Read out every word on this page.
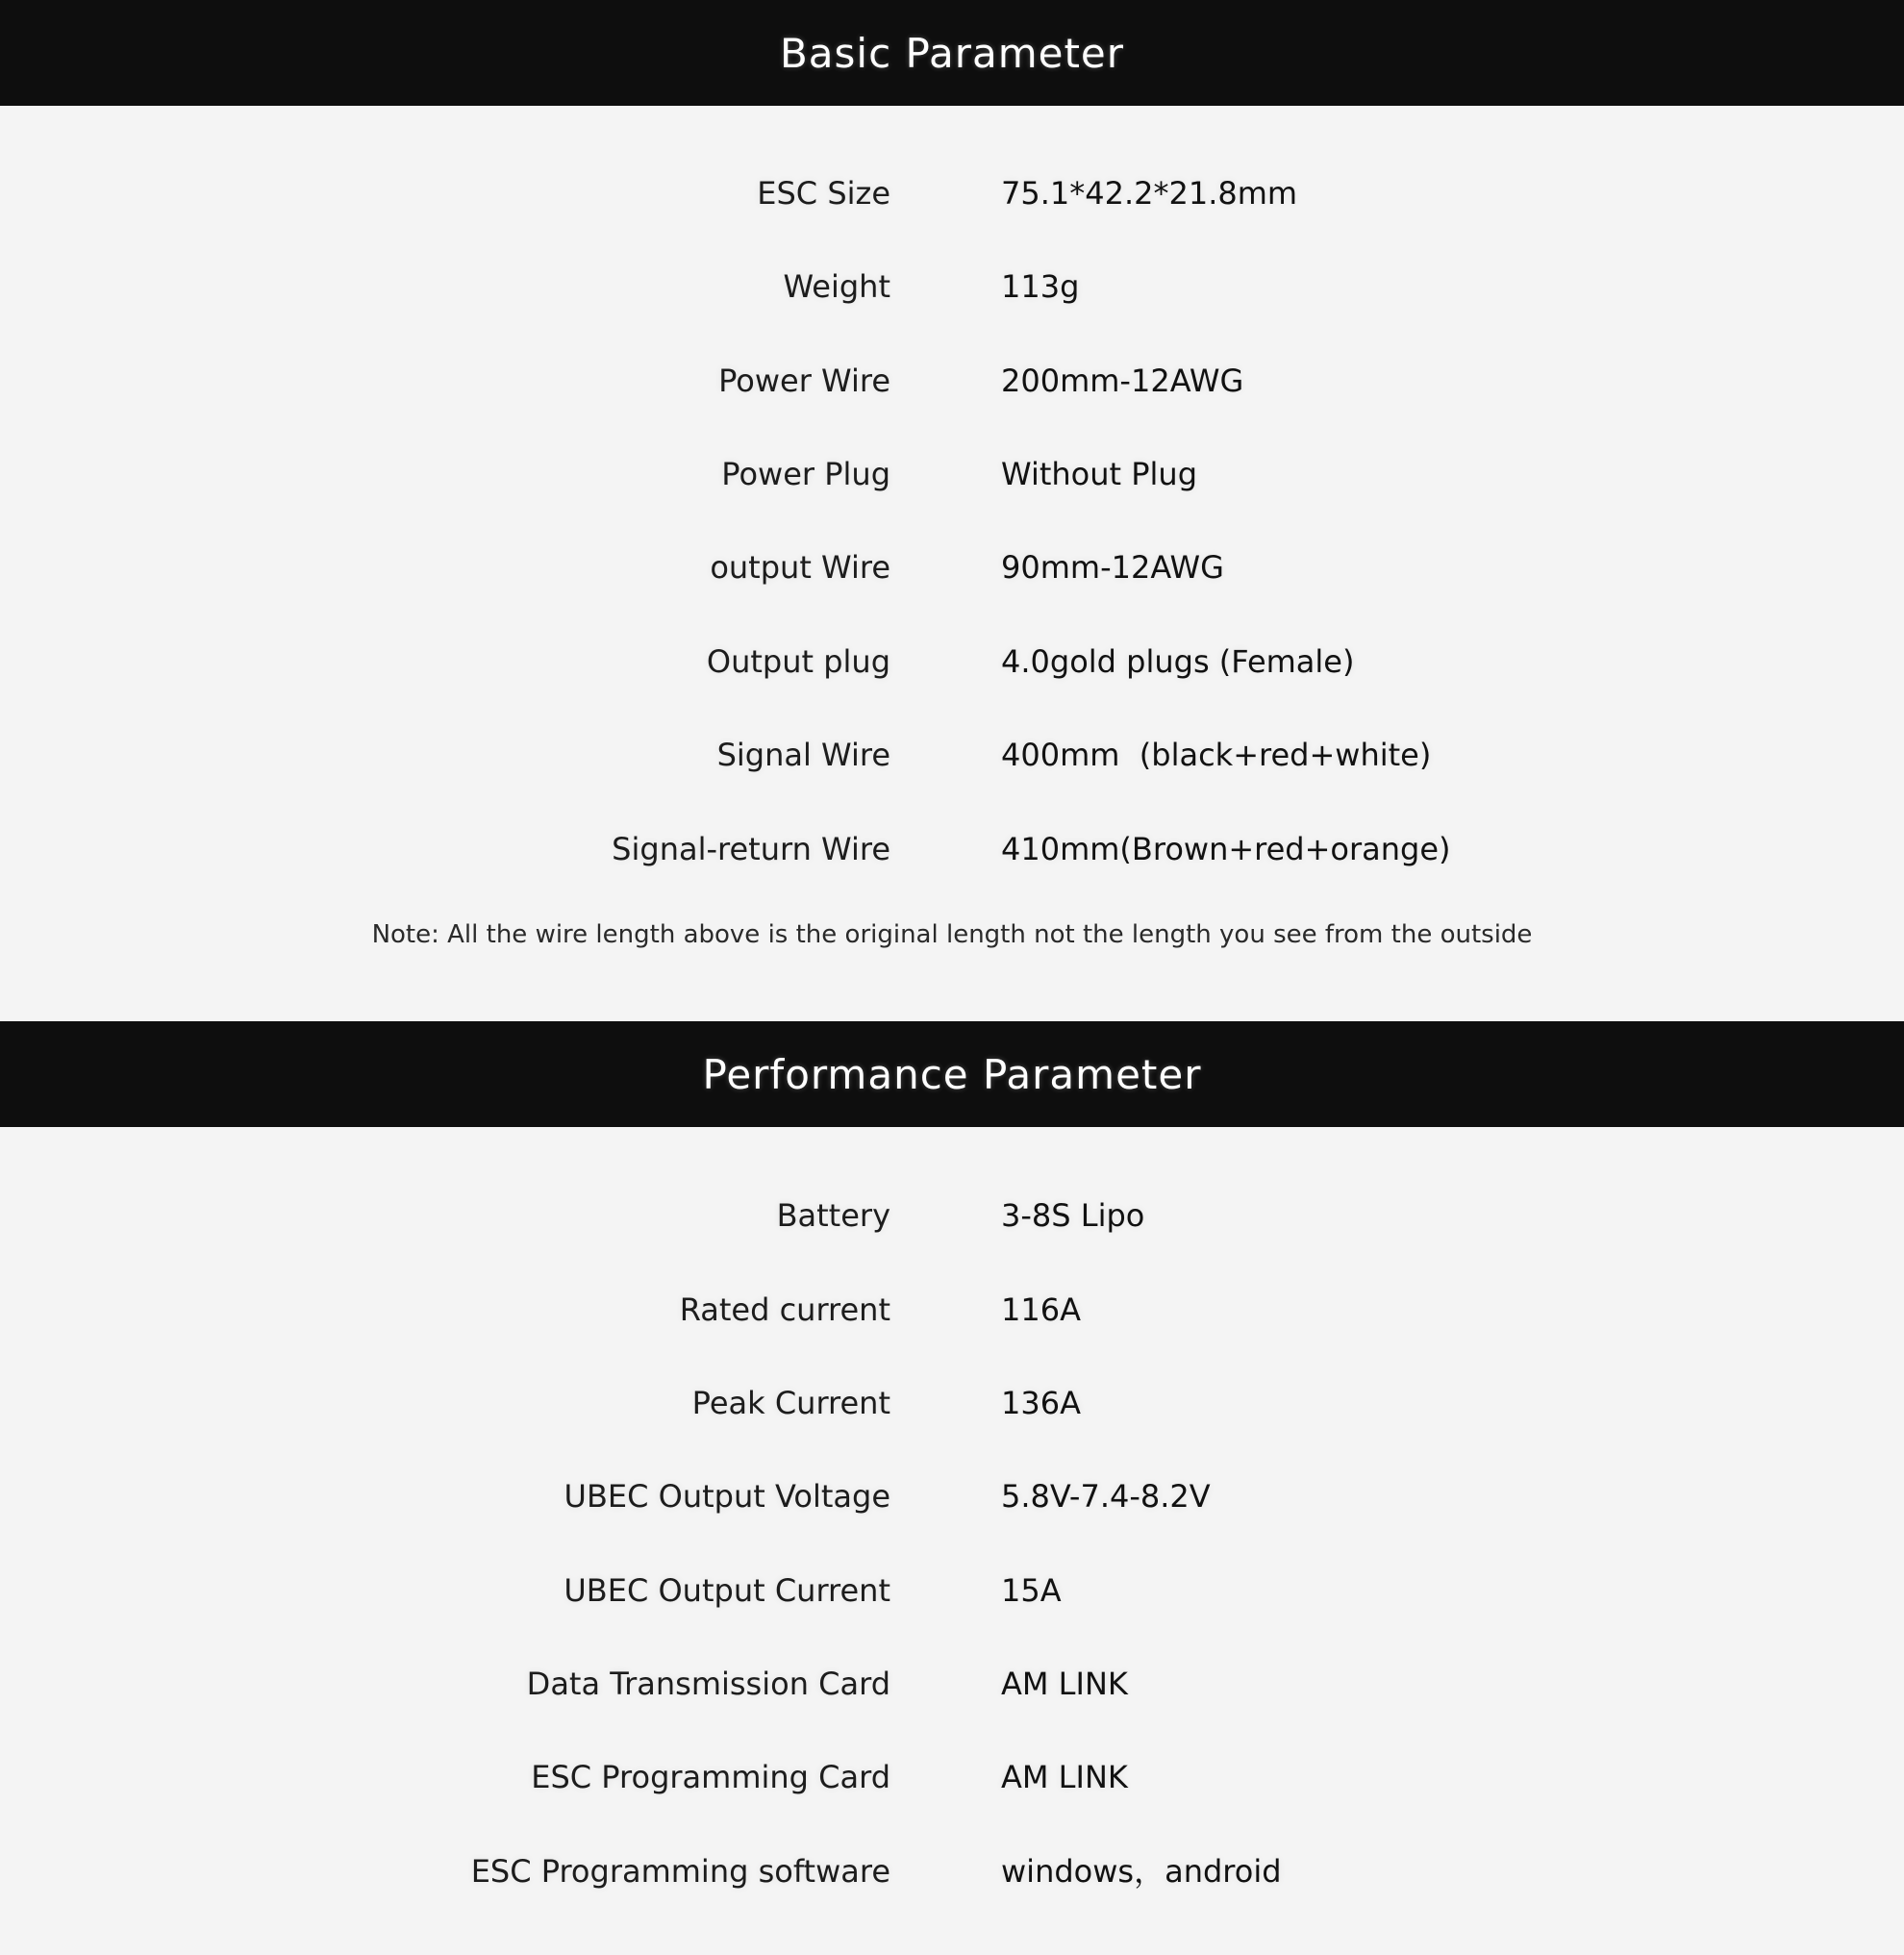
Basic Parameter
ESC Size	75.1*42.2*21.8mm
Weight	113g
Power Wire	200mm-12AWG
Power Plug	Without Plug
output Wire	90mm-12AWG
Output plug	4.0gold plugs (Female)
Signal Wire	400mm  (black+red+white)
Signal-return Wire	410mm(Brown+red+orange)
Note: All the wire length above is the original length not the length you see from the outside
Performance Parameter
Battery	3-8S Lipo
Rated current	116A
Peak Current	136A
UBEC Output Voltage	5.8V-7.4-8.2V
UBEC Output Current	15A
Data Transmission Card	AM LINK
ESC Programming Card	AM LINK
ESC Programming software	windows，android
